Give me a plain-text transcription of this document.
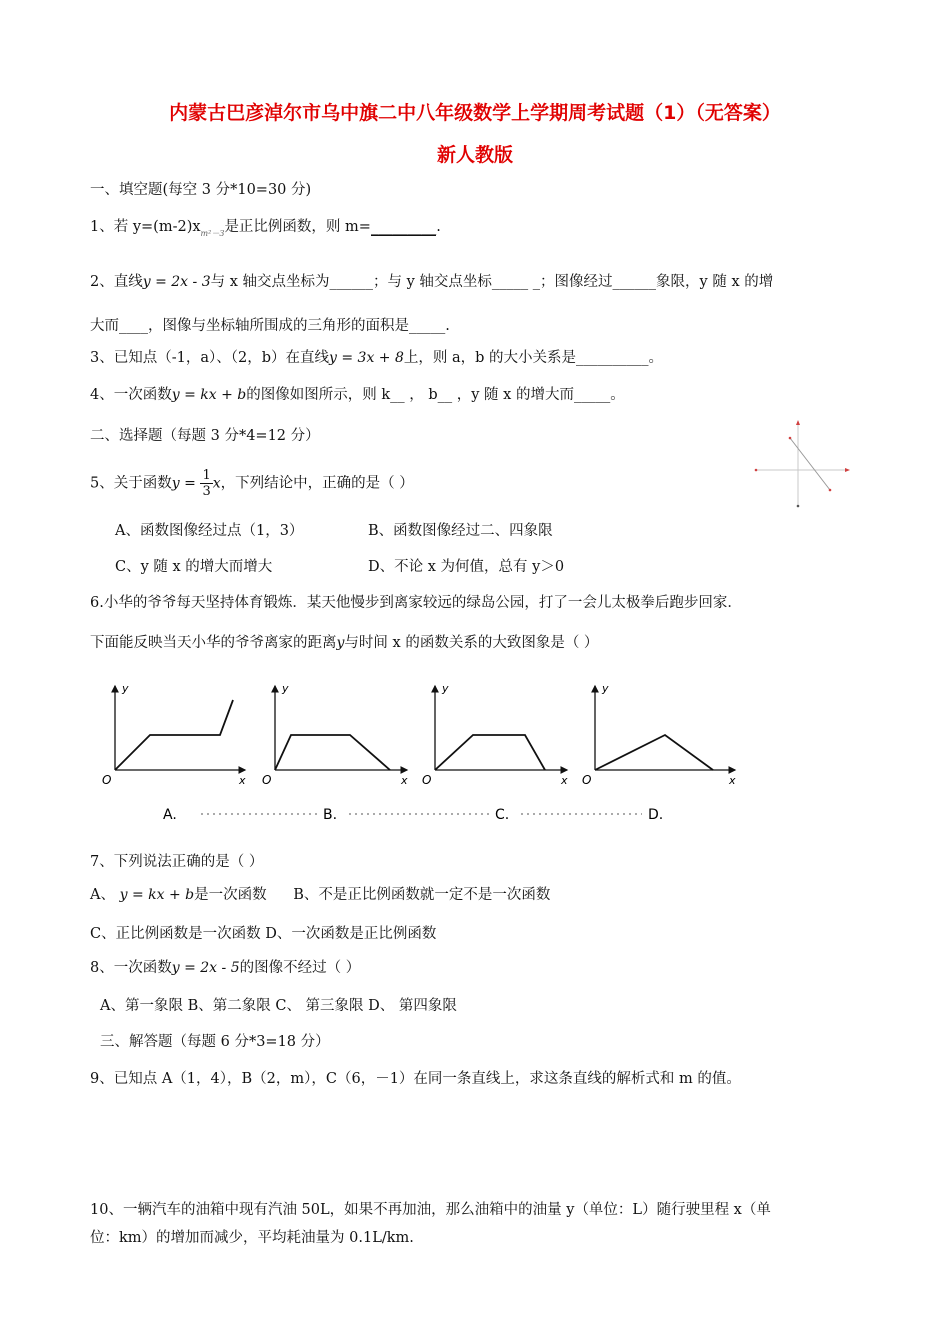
内蒙古巴彦淖尔市乌中旗二中八年级数学上学期周考试题（1）（无答案）
新人教版
一、填空题(每空 3 分*10=30 分)
1、若 $y=(m-2)x_{m^2-3}$是正比例函数，则 m=_________.
2、直线y = 2x - 3与 x 轴交点坐标为______；与 y 轴交点坐标_____ _；图像经过______象限，y 随 x 的增
大而____，图像与坐标轴所围成的三角形的面积是_____.
3、已知点（-1，a）、（2，b）在直线y = 3x + 8上，则 a，b 的大小关系是__________。
4、一次函数y = kx + b的图像如图所示，则 k__ ， b__ ，y 随 x 的增大而_____。
二、选择题（每题 3 分*4=12 分）
5、关于函数$y = \frac{1}{3}$ x，下列结论中，正确的是（ ）
A、函数图像经过点（1，3）	B、函数图像经过二、四象限
C、y 随 x 的增大而增大	D、不论 x 为何值，总有 y＞0
6.小华的爷爷每天坚持体育锻炼．某天他慢步到离家较远的绿岛公园，打了一会儿太极拳后跑步回家．
下面能反映当天小华的爷爷离家的距离y与时间 x 的函数关系的大致图象是（ ）
y
O	x
y
O	x
y
O	x
y
O	x
A.	B.	C.	D.
7、下列说法正确的是（ ）
A、 y = kx + b是一次函数 B、不是正比例函数就一定不是一次函数
C、正比例函数是一次函数 D、一次函数是正比例函数
8、一次函数y = 2x - 5的图像不经过（ ）
A、第一象限 B、第二象限 C、 第三象限 D、 第四象限
三、解答题（每题 6 分*3=18 分）
9、已知点 A（1，4），B（2，m），C（6，－1）在同一条直线上，求这条直线的解析式和 m 的值。
10、一辆汽车的油箱中现有汽油 50L，如果不再加油，那么油箱中的油量 y（单位：L）随行驶里程 x（单
位：km）的增加而减少，平均耗油量为 0.1L/km.
